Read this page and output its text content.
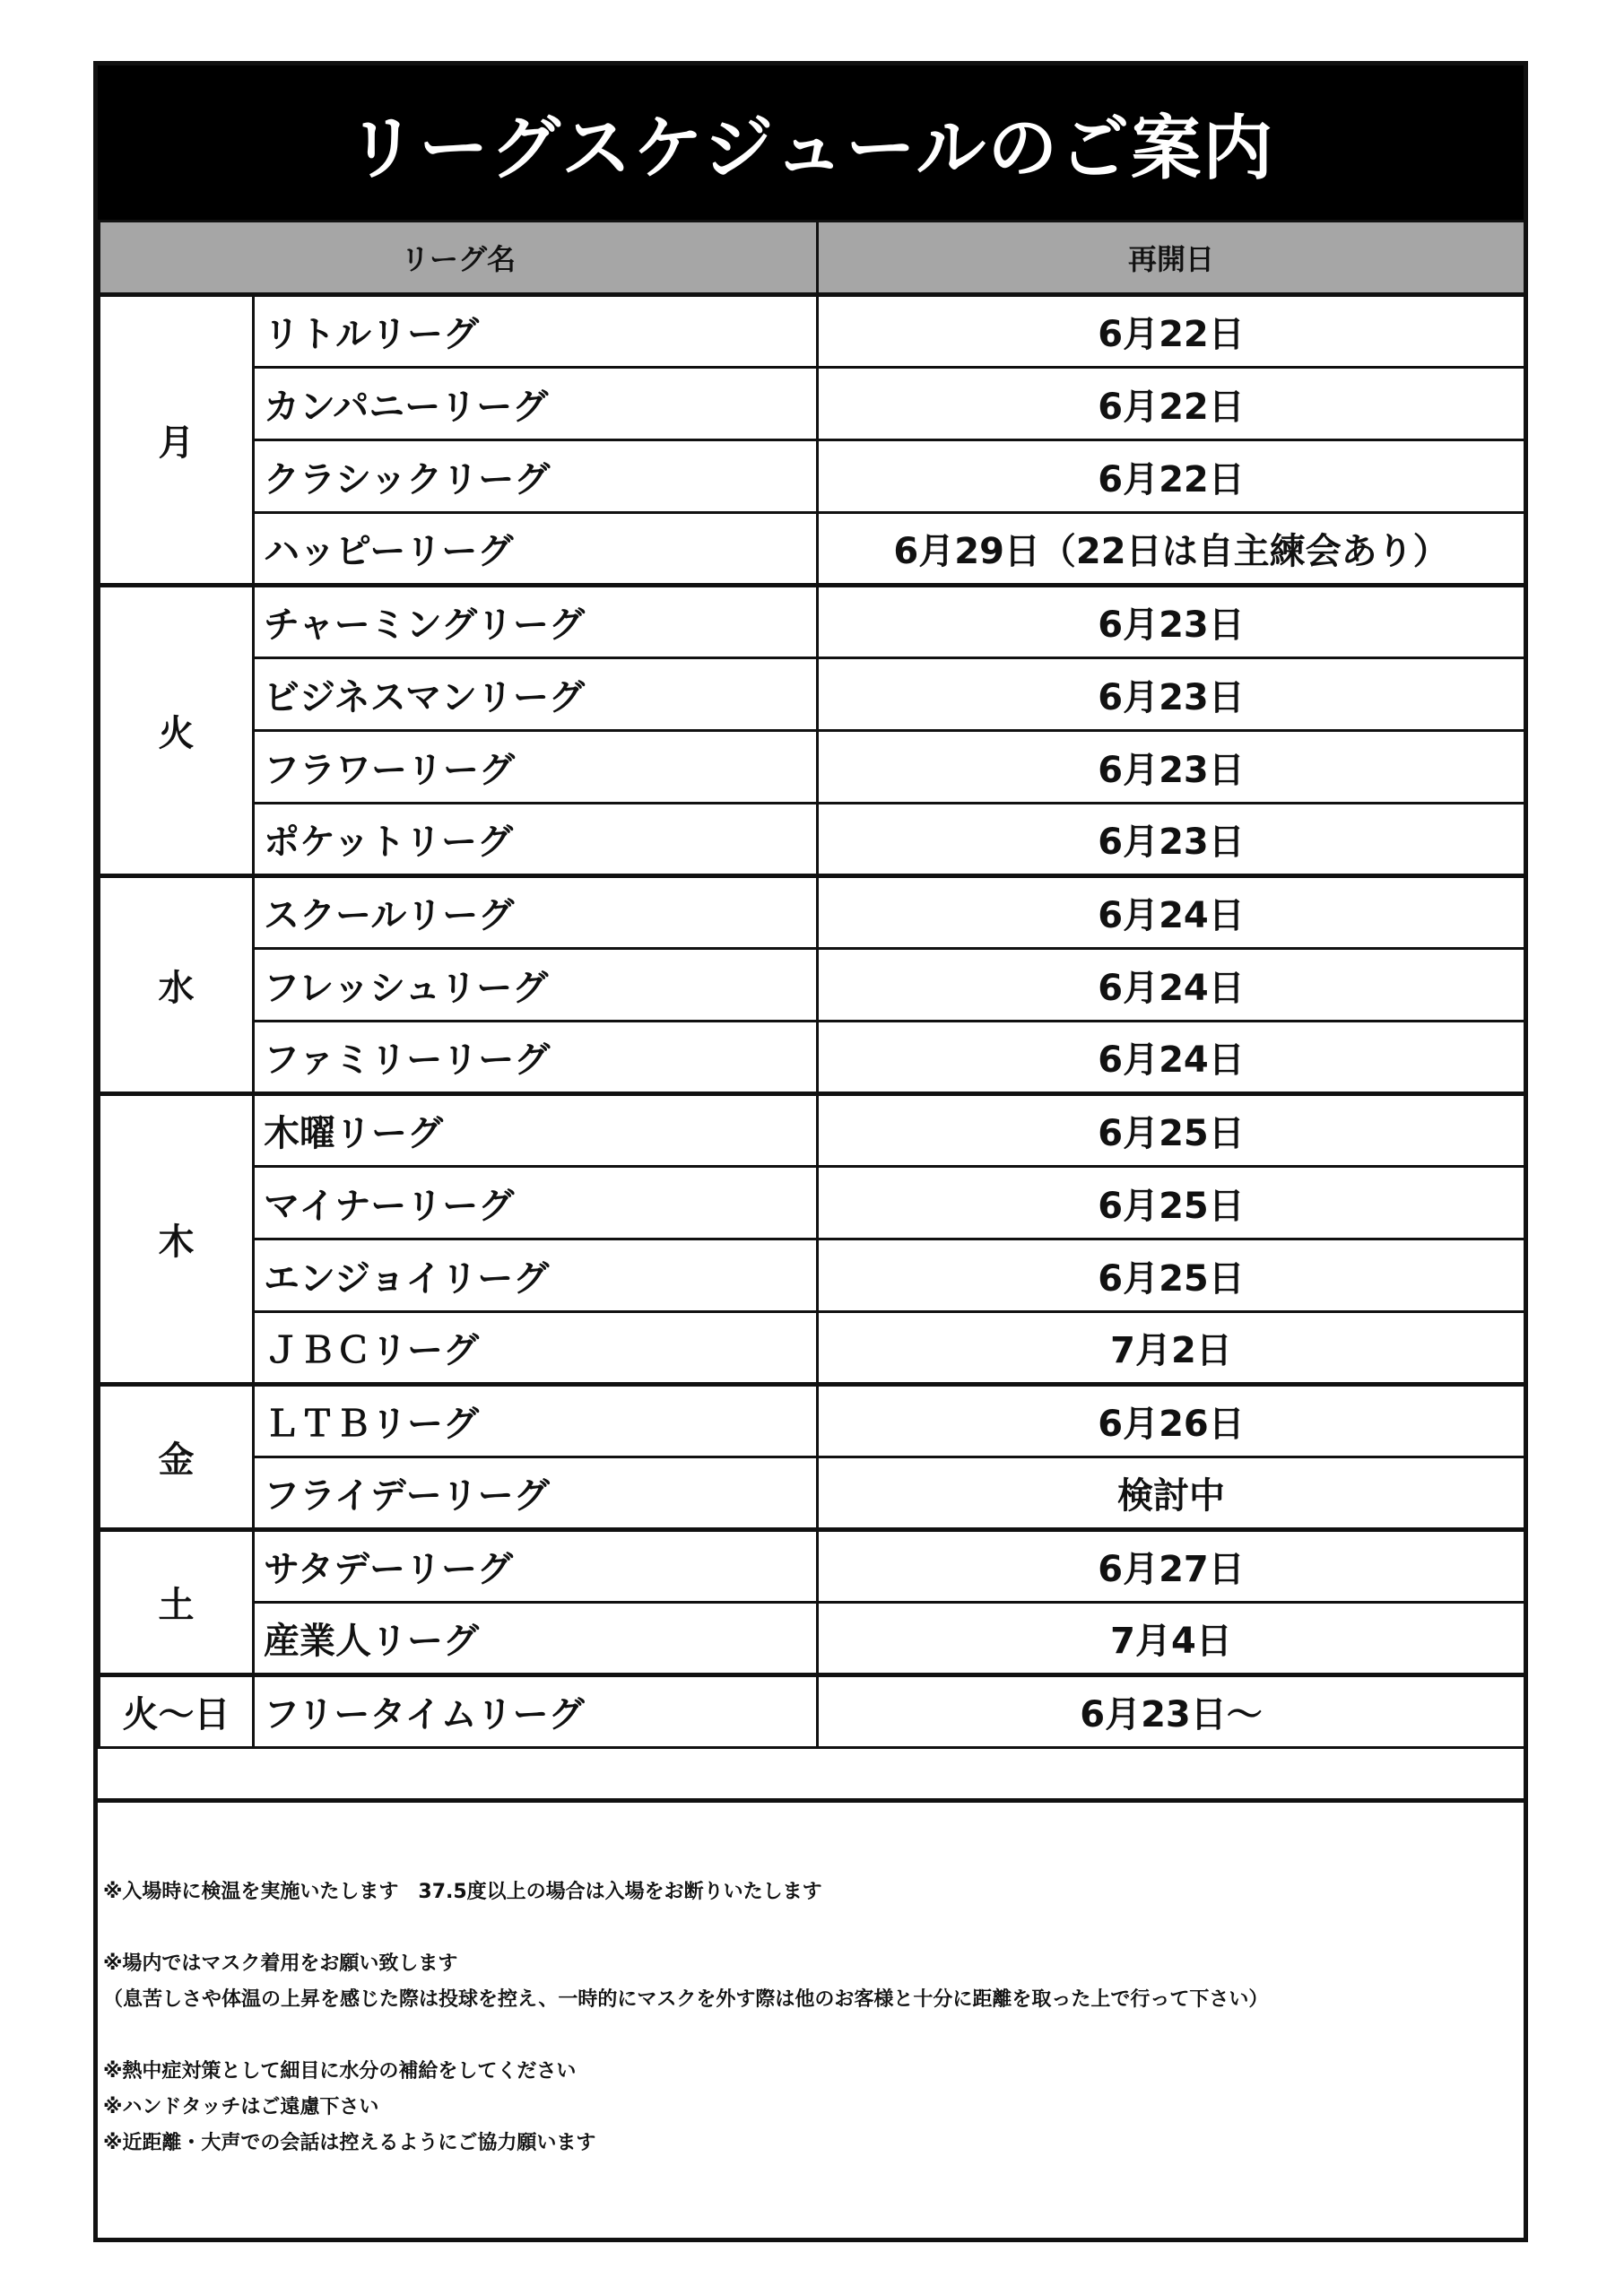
リーグスケジュールのご案内
リーグ名		再開日
月	リトルリーグ	6月22日
	カンパニーリーグ	6月22日
	クラシックリーグ	6月22日
	ハッピーリーグ	6月29日（22日は自主練会あり）
火	チャーミングリーグ	6月23日
	ビジネスマンリーグ	6月23日
	フラワーリーグ	6月23日
	ポケットリーグ	6月23日
水	スクールリーグ	6月24日
	フレッシュリーグ	6月24日
	ファミリーリーグ	6月24日
木	木曜リーグ	6月25日
	マイナーリーグ	6月25日
	エンジョイリーグ	6月25日
	ＪＢＣリーグ	7月2日
金	ＬＴＢリーグ	6月26日
	フライデーリーグ	検討中
土	サタデーリーグ	6月27日
	産業人リーグ	7月4日
火～日	フリータイムリーグ	6月23日～

※入場時に検温を実施いたします　37.5度以上の場合は入場をお断りいたします

※場内ではマスク着用をお願い致します

（息苦しさや体温の上昇を感じた際は投球を控え、一時的にマスクを外す際は他のお客様と十分に距離を取った上で行って下さい）

※熱中症対策として細目に水分の補給をしてください

※ハンドタッチはご遠慮下さい

※近距離・大声での会話は控えるようにご協力願います
